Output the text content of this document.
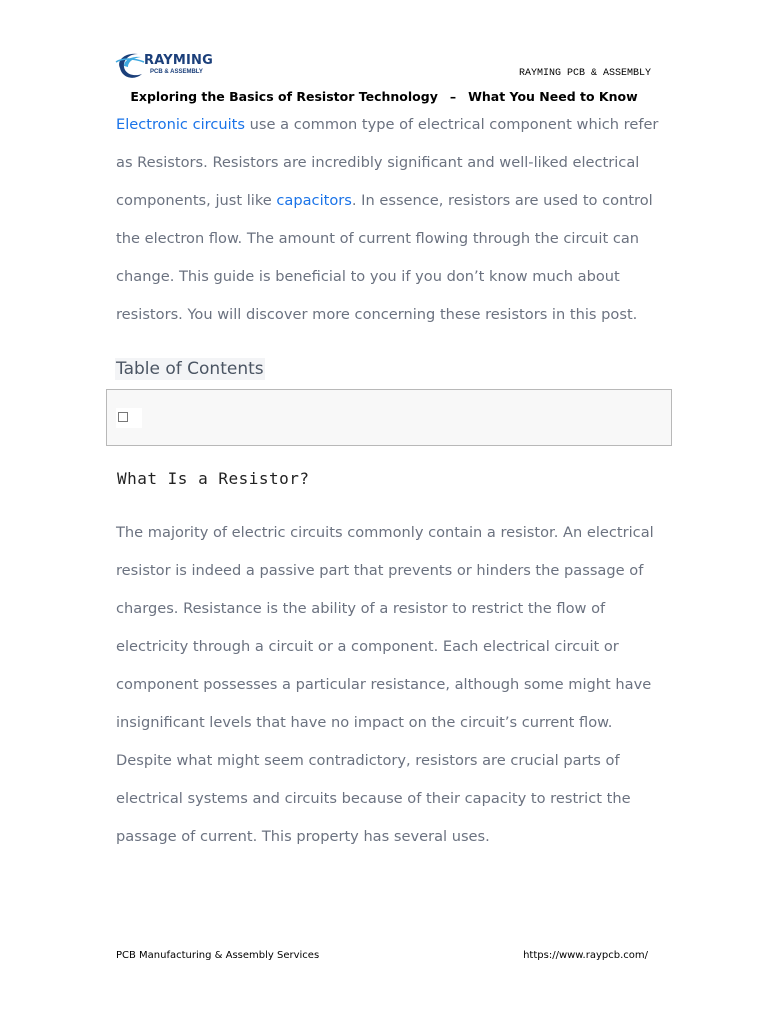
RAYMING
PCB & ASSEMBLY	RAYMING PCB & ASSEMBLY
Exploring the Basics of Resistor Technology – What You Need to Know
Electronic circuits use a common type of electrical component which refer
as Resistors. Resistors are incredibly significant and well-liked electrical
components, just like capacitors. In essence, resistors are used to control
the electron flow. The amount of current flowing through the circuit can
change. This guide is beneficial to you if you don’t know much about
resistors. You will discover more concerning these resistors in this post.
Table of Contents
What Is a Resistor?
The majority of electric circuits commonly contain a resistor. An electrical
resistor is indeed a passive part that prevents or hinders the passage of
charges. Resistance is the ability of a resistor to restrict the flow of
electricity through a circuit or a component. Each electrical circuit or
component possesses a particular resistance, although some might have
insignificant levels that have no impact on the circuit’s current flow.
Despite what might seem contradictory, resistors are crucial parts of
electrical systems and circuits because of their capacity to restrict the
passage of current. This property has several uses.
PCB Manufacturing & Assembly Services	https://www.raypcb.com/
